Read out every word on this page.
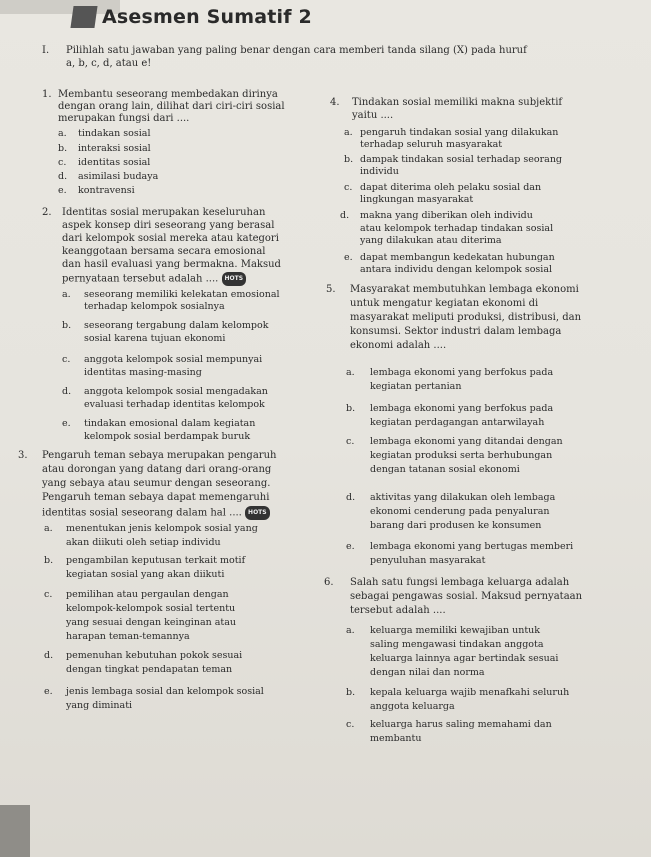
Asesmen Sumatif 2
I. Pilihlah satu jawaban yang paling benar dengan cara memberi tanda silang (X) pada huruf
a, b, c, d, atau e!
1. Membantu seseorang membedakan dirinya
dengan orang lain, dilihat dari ciri-ciri sosial
merupakan fungsi dari ....
a. tindakan sosial
b. interaksi sosial
c. identitas sosial
d. asimilasi budaya
e. kontravensi
2. Identitas sosial merupakan keseluruhan
aspek konsep diri seseorang yang berasal
dari kelompok sosial mereka atau kategori
keanggotaan bersama secara emosional
dan hasil evaluasi yang bermakna. Maksud
pernyataan tersebut adalah .... HOTS
a. seseorang memiliki kelekatan emosional
terhadap kelompok sosialnya
b. seseorang tergabung dalam kelompok
sosial karena tujuan ekonomi
c. anggota kelompok sosial mempunyai
identitas masing-masing
d. anggota kelompok sosial mengadakan
evaluasi terhadap identitas kelompok
e. tindakan emosional dalam kegiatan
kelompok sosial berdampak buruk
3. Pengaruh teman sebaya merupakan pengaruh
atau dorongan yang datang dari orang-orang
yang sebaya atau seumur dengan seseorang.
Pengaruh teman sebaya dapat memengaruhi
identitas sosial seseorang dalam hal .... HOTS
a. menentukan jenis kelompok sosial yang
akan diikuti oleh setiap individu
b. pengambilan keputusan terkait motif
kegiatan sosial yang akan diikuti
c. pemilihan atau pergaulan dengan
kelompok-kelompok sosial tertentu
yang sesuai dengan keinginan atau
harapan teman-temannya
d. pemenuhan kebutuhan pokok sesuai
dengan tingkat pendapatan teman
e. jenis lembaga sosial dan kelompok sosial
yang diminati
4. Tindakan sosial memiliki makna subjektif
yaitu ....
a. pengaruh tindakan sosial yang dilakukan
terhadap seluruh masyarakat
b. dampak tindakan sosial terhadap seorang
individu
c. dapat diterima oleh pelaku sosial dan
lingkungan masyarakat
d. makna yang diberikan oleh individu
atau kelompok terhadap tindakan sosial
yang dilakukan atau diterima
e. dapat membangun kedekatan hubungan
antara individu dengan kelompok sosial
5. Masyarakat membutuhkan lembaga ekonomi
untuk mengatur kegiatan ekonomi di
masyarakat meliputi produksi, distribusi, dan
konsumsi. Sektor industri dalam lembaga
ekonomi adalah ....
a. lembaga ekonomi yang berfokus pada
kegiatan pertanian
b. lembaga ekonomi yang berfokus pada
kegiatan perdagangan antarwilayah
c. lembaga ekonomi yang ditandai dengan
kegiatan produksi serta berhubungan
dengan tatanan sosial ekonomi
d. aktivitas yang dilakukan oleh lembaga
ekonomi cenderung pada penyaluran
barang dari produsen ke konsumen
e. lembaga ekonomi yang bertugas memberi
penyuluhan masyarakat
6. Salah satu fungsi lembaga keluarga adalah
sebagai pengawas sosial. Maksud pernyataan
tersebut adalah ....
a. keluarga memiliki kewajiban untuk
saling mengawasi tindakan anggota
keluarga lainnya agar bertindak sesuai
dengan nilai dan norma
b. kepala keluarga wajib menafkahi seluruh
anggota keluarga
c. keluarga harus saling memahami dan
membantu
